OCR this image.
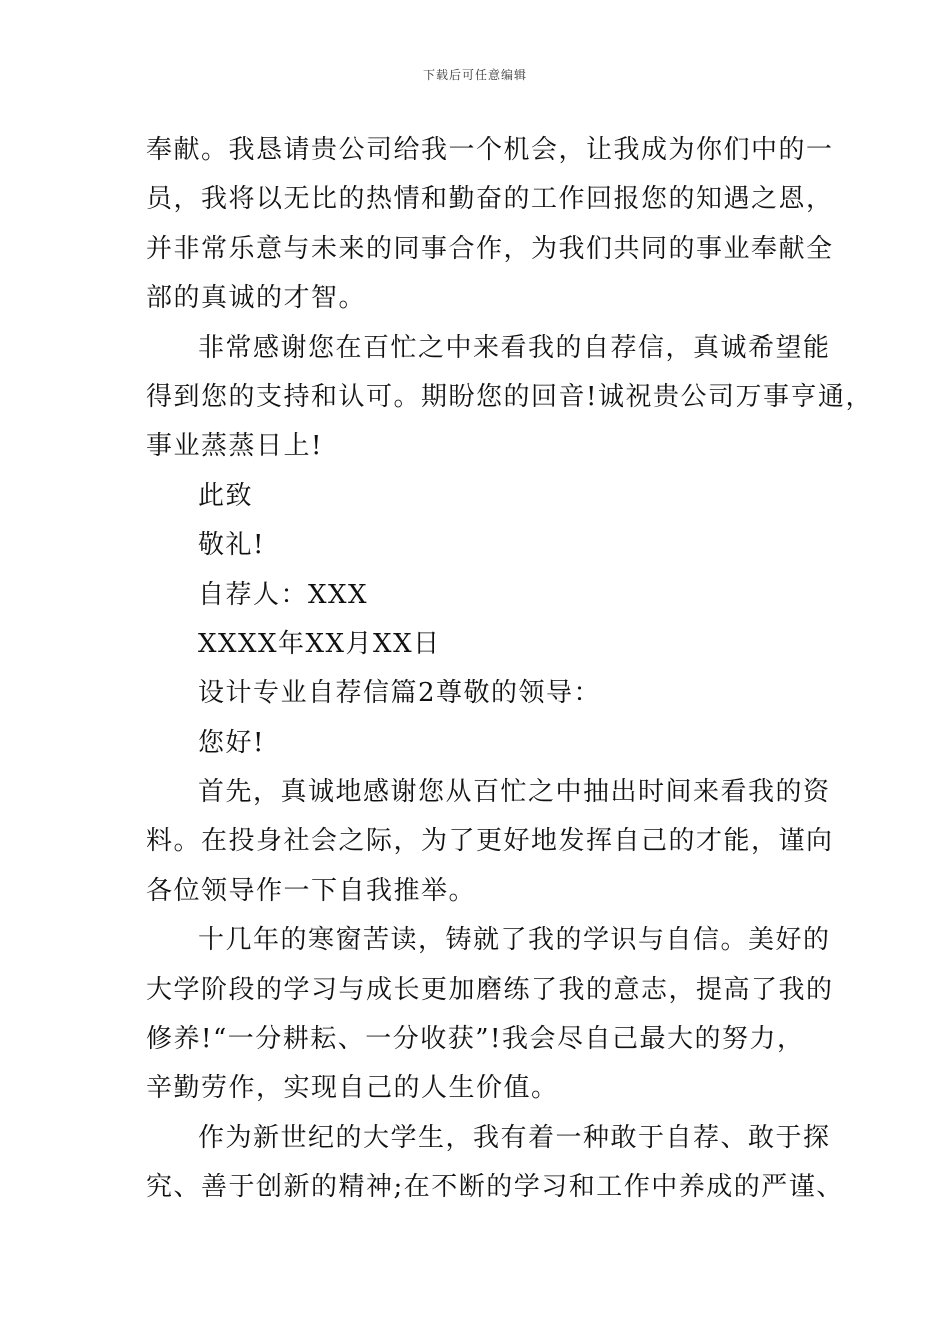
下载后可任意编辑
奉献。我恳请贵公司给我一个机会，让我成为你们中的一
员，我将以无比的热情和勤奋的工作回报您的知遇之恩，
并非常乐意与未来的同事合作，为我们共同的事业奉献全
部的真诚的才智。
非常感谢您在百忙之中来看我的自荐信，真诚希望能
得到您的支持和认可。期盼您的回音!诚祝贵公司万事亨通，
事业蒸蒸日上!
此致
敬礼!
自荐人：XXX
XXXX年XX月XX日
设计专业自荐信篇2尊敬的领导：
您好!
首先，真诚地感谢您从百忙之中抽出时间来看我的资
料。在投身社会之际，为了更好地发挥自己的才能，谨向
各位领导作一下自我推举。
十几年的寒窗苦读，铸就了我的学识与自信。美好的
大学阶段的学习与成长更加磨练了我的意志，提高了我的
修养!“一分耕耘、一分收获”!我会尽自己最大的努力，
辛勤劳作，实现自己的人生价值。
作为新世纪的大学生，我有着一种敢于自荐、敢于探
究、善于创新的精神;在不断的学习和工作中养成的严谨、
